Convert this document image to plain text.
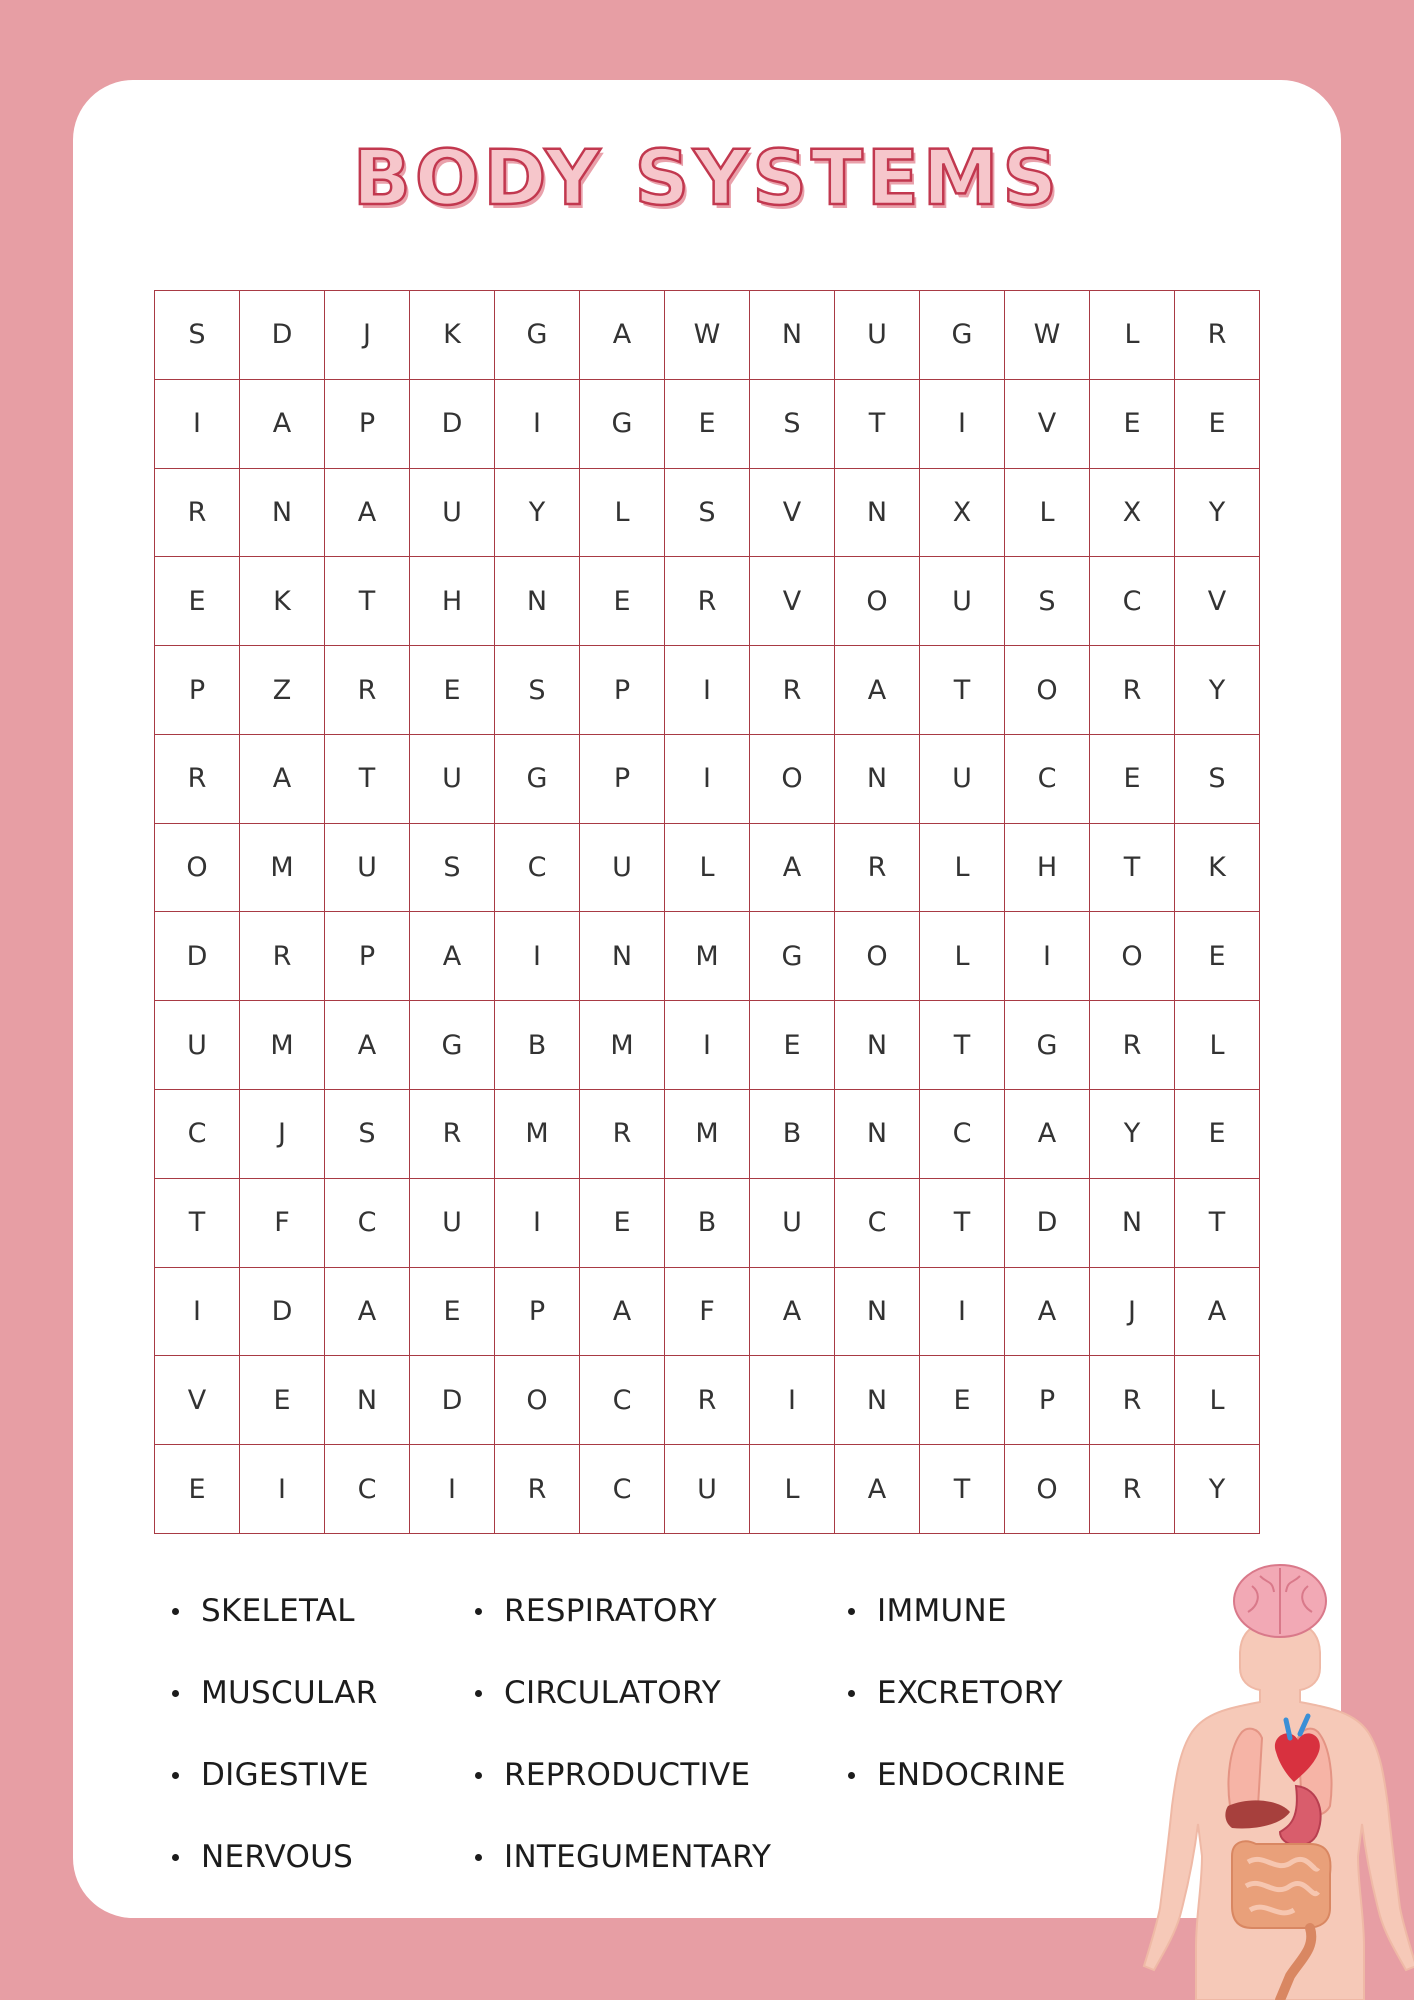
BODY SYSTEMS
S	D	J	K	G	A	W	N	U	G	W	L	R
I	A	P	D	I	G	E	S	T	I	V	E	E
R	N	A	U	Y	L	S	V	N	X	L	X	Y
E	K	T	H	N	E	R	V	O	U	S	C	V
P	Z	R	E	S	P	I	R	A	T	O	R	Y
R	A	T	U	G	P	I	O	N	U	C	E	S
O	M	U	S	C	U	L	A	R	L	H	T	K
D	R	P	A	I	N	M	G	O	L	I	O	E
U	M	A	G	B	M	I	E	N	T	G	R	L
C	J	S	R	M	R	M	B	N	C	A	Y	E
T	F	C	U	I	E	B	U	C	T	D	N	T
I	D	A	E	P	A	F	A	N	I	A	J	A
V	E	N	D	O	C	R	I	N	E	P	R	L
E	I	C	I	R	C	U	L	A	T	O	R	Y
SKELETAL
MUSCULAR
DIGESTIVE
NERVOUS
RESPIRATORY
CIRCULATORY
REPRODUCTIVE
INTEGUMENTARY
IMMUNE
EXCRETORY
ENDOCRINE
